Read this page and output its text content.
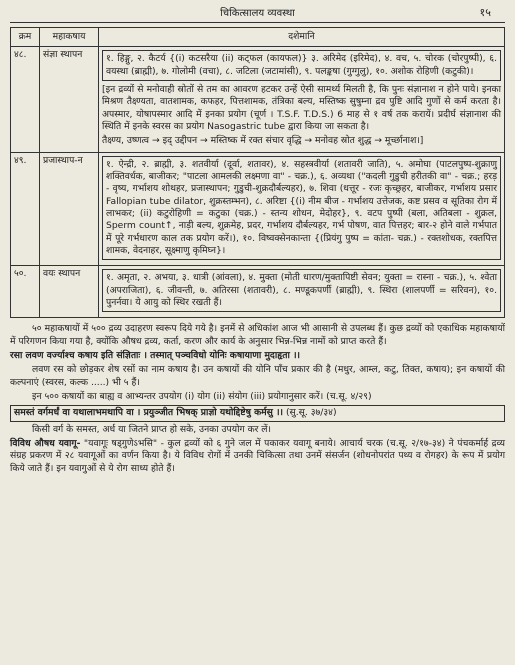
चिकित्सालय व्यवस्था	१५
क्रम	महाकषाय	दशेमानि
४८.	संज्ञा स्थापन	१. हिङ्गु, २. कैटर्य {(i) कटसरैया (ii) कट्फल (कायफल)} ३. अरिमेद (इरिमेद), ४. वच, ५. चोरक (चोरपुष्पी), ६. वयस्था (ब्राह्मी), ७. गोलोमी (वचा), ८. जटिला (जटामांसी), ९. पलङ्कषा (गुग्गुलु), १०. अशोक रोहिणी (कटुकी)।

[इन द्रव्यों से मनोवाही स्रोतों से तम का आवरण हटकर उन्हें ऐसी सामर्थ्य मिलती है, कि पुनः संज्ञानाश न होने पाये। इनका मिश्रण तैक्ष्ण्यता, वातशामक, कफहर, पित्तशामक, तंत्रिका बल्य, मस्तिष्क सुषुम्ना द्रव पुष्टि आदि गुणों से कर्म करता है। अपस्मार, योषापस्मार आदि में इनका प्रयोग (चूर्ण । T.S.F. T.D.S.) 6 माह से १ वर्ष तक करायें। प्रदीर्घ संज्ञानाश की स्थिति में इनके स्वरस का प्रयोग Nasogastric tube द्वारा किया जा सकता है।

तैक्ष्ण्य, उष्णत्व → इद् उद्दीपन → मस्तिष्क में रक्त संचार वृद्धि → मनोवह स्रोत शुद्ध → मूर्च्छानाश।]

४९.	प्रजास्थाप-न	१. ऐन्द्री, २. ब्राह्मी, ३. शतवीर्या (दूर्वा, शतावर), ४. सहस्त्रवीर्या (शतावरी जाति), ५. अमोघा (पाटलपुष्प-शुक्राणु शक्तिवर्धक, बाजीकर; "पाटला आमलकी लक्ष्मणा वा" - चक्र.), ६. अव्यथा ("कदली गुडुची हरीतकी वा" - चक्र.; हरड़ - वृष्य, गर्भाशय शोथहर, प्रजास्थापन; गुडुची-शुक्रदौर्बल्यहर), ७. शिवा (धत्तूर - रजः कृच्छ्रहर, बाजीकर, गर्भाशय प्रसार Fallopian tube dilator, शुक्रस्तम्भन), ८. अरिष्टा {(i) नीम बीज - गर्भाशय उत्तेजक, कष्ट प्रसव व सूतिका रोग में लाभकर; (ii) कटुरोहिणी = कटुका (चक्र.) - स्तन्य शोधन, मेदोहर}, ९. वटप पुष्पी (बला, अतिबला - शुक्रल, Sperm count↑, नाड़ी बल्य, शुक्रमेह, प्रदर, गर्भाशय दौर्बल्यहर, गर्भ पोषण, वात पित्तहर; बार-२ होने वाले गर्भपात में पूरे गर्भधारण काल तक प्रयोग करें।), १०. विष्वक्सेनकान्ता {(प्रियंगु पुष्प = कांता- चक्र.) - रक्तशोधक, रक्तपित्त शामक, वेदनाहर, सूक्ष्माणु कृमिघ्न}।

५०.	वयः स्थापन	१. अमृता, २. अभया, ३. धात्री (आंवला), ४. मुक्ता (मोती धारण/मुक्तापिष्टी सेवन; युक्ता = रास्ना - चक्र.), ५. श्वेता (अपराजिता), ६. जीवन्ती, ७. अतिरसा (शतावरी), ८. मण्डूकपर्णी (ब्राह्मी), ९. स्थिरा (शालपर्णी = सरिवन), १०. पुनर्नवा। ये आयु को स्थिर रखती हैं।

५० महाकषायों में ५०० द्रव्य उदाहरण स्वरूप दिये गये है। इनमें से अधिकांश आज भी आसानी से उपलब्ध हैं। कुछ द्रव्यों को एकाधिक महाकषायों में परिगणन किया गया है, क्योंकि औषध द्रव्य, कर्ता, करण और कार्य के अनुसार भिन्न-भिन्न नामों को प्राप्त करते हैं।

रसा लवण वर्ज्याश्च कषाय इति संज्ञिताः । तस्मात् पञ्चविधो योनिः कषायाणा मुदाहृता ।।

लवण रस को छोड़कर शेष रसों का नाम कषाय है। उन कषायों की योनि पाँच प्रकार की है (मधुर, आम्ल, कटु, तिक्त, कषाय); इन कषायों की कल्पनाएं (स्वरस, कल्क .....) भी ५ हैं।

इन ५०० कषायों का बाह्य व आभ्यन्तर उपयोग (i) योग (ii) संयोग (iii) प्रयोगानुसार करें। (च.सू. ४/२९)

समस्तं वर्गमर्धं वा यथालाभमथापि वा । प्रयुञ्जीत भिषक् प्राज्ञो यथोद्दिष्टेषु कर्मसु ।। (सु.सू. ३७/३४)

किसी वर्ग के समस्त, अर्ध या जितने प्राप्त हो सके, उनका उपयोग कर लें।

विविध औषध यवागू- "यवागूः षड्गुणेऽभसि" - कुल द्रव्यों को ६ गुने जल में पकाकर यवागू बनाये। आचार्य चरक (च.सू. २/१७-३४) ने पंचकर्मार्ह द्रव्य संग्रह प्रकरण में २८ यवागूओं का वर्णन किया है। ये विविध रोगों में उनकी चिकित्सा तथा उनमें संसर्जन (शोधनोपरांत पथ्य व रोगहर) के रूप में प्रयोग किये जाते हैं। इन यवागुओं से ये रोग साध्य होते हैं।
